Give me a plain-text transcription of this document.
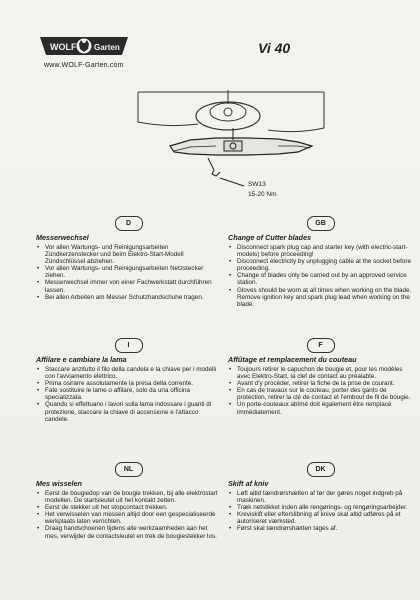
WOLF Garten
www.WOLF-Garten.com
Vi 40
SW13
15-20 Nm
D
Messerwechsel
• Vor allen Wartungs- und Reinigungsarbeiten Zündkerzenstecker und beim Elektro-Start-Modell Zündschlüssel abziehen.
• Vor allen Wartungs- und Reinigungsarbeiten Netzstecker ziehen.
• Messerwechsel immer von einer Fachwerkstatt durchführen lassen.
• Bei allen Arbeiten am Messer Schutzhandschuhe tragen.
GB
Change of Cutter blades
• Disconnect spark plug cap and starter key (with electric-start-models) before proceeding!
• Disconnect electricity by unplugging cable at the socket before proceeding.
• Change of blades only be carried out by an approved service station.
• Gloves should be worn at all times when working on the blade. Remove ignition key and spark plug lead when working on the blade.
I
Affilare e cambiare la lama
• Staccare anzitutto il filo della candela e la chiave per i modelli con l'avviamento elettrico.
• Prima osirarre assolutamente la presa della corrente.
• Fate sostituire le lame o affilare, solo da una officina specializzata.
• Quando si effettuano i lavori sulla lama indossare i guanti di protezione, staccare la chiave di accensione e l'attacco candele.
F
Affûtage et remplacement du couteau
• Toujours retirer le capuchon de bougie et, pour les modèles avec Elektro-Start, la clef de contact au préalable.
• Avant d'y procéder, retirer la fiche de la prise de courant.
• En cas de travaux sur le couteau, porter des gants de protection, retirer la clé de contact et l'embout de fil de bougie.
• Un porte-couteaux abîmé doit également être remplacé immédiatement.
NL
Mes wisselen
• Eerst de bougiedop van de bougie trekken, bij alle elektrostart modellen. De startsleutel uit het kontakt zetten.
• Eerst de stekker uit het stopcontact trekken.
• Het verwisselen van messen altijd door een gespecialiseerde werkplaats laten verrichten.
• Draag handschoenen tijdens alle werkzaamheden aan het mes, verwijder de contactsleutel en trek de bougiestekker los.
DK
Skift af kniv
• Løft altid tændrørshætten af før der gøres noget indgreb på maskinen.
• Træk netstikket inden alle rengørings- og rengøringsarbejder.
• Kreviskift eller efterslibning af knive skal altid udføres på et autoriseret værksted.
• Først skal tændrørshætten tages af.
